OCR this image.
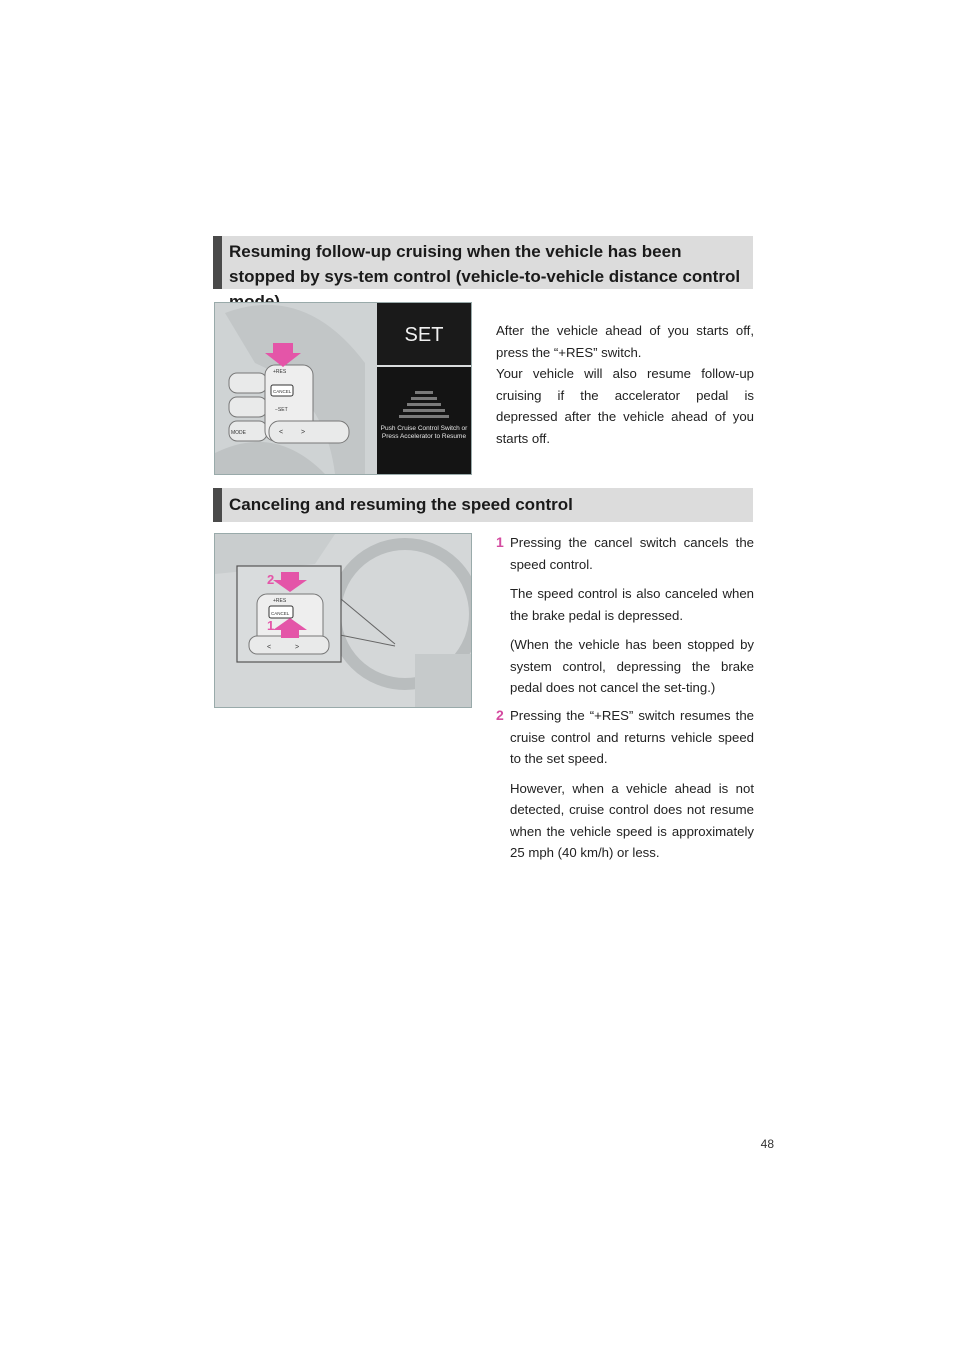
Resuming follow-up cruising when the vehicle has been stopped by sys-tem control (vehicle-to-vehicle distance control
+RES
CANCEL
−SET
MODE	<	>
SET
Push Cruise Control Switch or Press Accelerator to Resume

After the vehicle ahead of you starts off, press the “+RES” switch.

Your vehicle will also resume follow-up cruising if the accelerator pedal is depressed after the vehicle ahead of you starts off.

Canceling and resuming the speed control
+RES
CANCEL
<	>
2
1
1 Pressing the cancel switch cancels the speed control.

The speed control is also canceled when the brake pedal is depressed.

(When the vehicle has been stopped by system control, depressing the brake pedal does not cancel the set-ting.)

2 Pressing the “+RES” switch resumes the cruise control and returns vehicle speed to the set speed.

However, when a vehicle ahead is not detected, cruise control does not resume when the vehicle speed is approximately 25 mph (40 km/h) or less.

48
